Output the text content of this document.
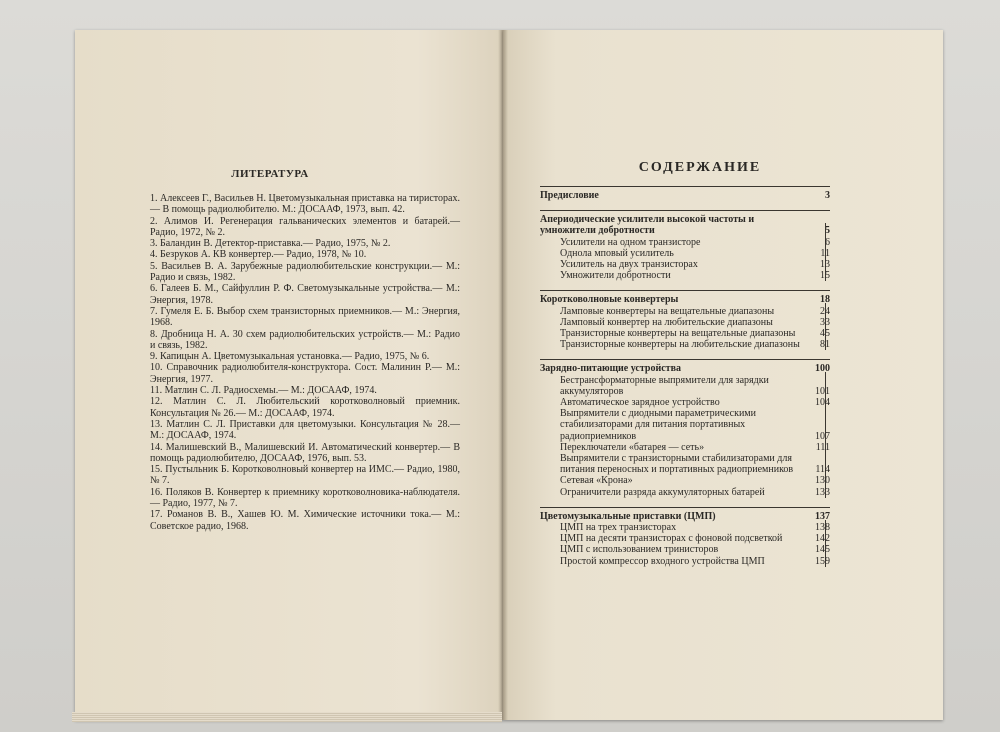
ЛИТЕРАТУРА
1. Алексеев Г., Васильев Н. Цветомузыкальная приставка на тиристорах.— В помощь радиолюбителю. М.: ДОСААФ, 1973, вып. 42.
2. Алимов И. Регенерация гальванических элементов и батарей.— Радио, 1972, № 2.
3. Баландин В. Детектор-приставка.— Радио, 1975, № 2.
4. Безруков А. КВ конвертер.— Радио, 1978, № 10.
5. Васильев В. А. Зарубежные радиолюбительские конструкции.— М.: Радио и связь, 1982.
6. Галеев Б. М., Сайфуллин Р. Ф. Светомузыкальные устройства.— М.: Энергия, 1978.
7. Гумеля Е. Б. Выбор схем транзисторных приемников.— М.: Энергия, 1968.
8. Дробница Н. А. 30 схем радиолюбительских устройств.— М.: Радио и связь, 1982.
9. Капицын А. Цветомузыкальная установка.— Радио, 1975, № 6.
10. Справочник радиолюбителя-конструктора. Сост. Малинин Р.— М.: Энергия, 1977.
11. Матлин С. Л. Радиосхемы.— М.: ДОСААФ, 1974.
12. Матлин С. Л. Любительский коротковолновый приемник. Консультация № 26.— М.: ДОСААФ, 1974.
13. Матлин С. Л. Приставки для цветомузыки. Консультация № 28.— М.: ДОСААФ, 1974.
14. Малишевский В., Малишевский И. Автоматический конвертер.— В помощь радиолюбителю, ДОСААФ, 1976, вып. 53.
15. Пустыльник Б. Коротковолновый конвертер на ИМС.— Радио, 1980, № 7.
16. Поляков В. Конвертер к приемнику коротковолновика-наблюдателя.— Радио, 1977, № 7.
17. Романов В. В., Хашев Ю. М. Химические источники тока.— М.: Советское радио, 1968.
СОДЕРЖАНИЕ
Предисловие	3
Апериодические усилители высокой частоты и умножители добротности	5
Усилители на одном транзисторе	6
Однола мповый усилитель	11
Усилитель на двух транзисторах	13
Умножители добротности	15
Коротковолновые конвертеры	18
Ламповые конвертеры на вещательные диапазоны	24
Ламповый конвертер на любительские диапазоны	33
Транзисторные конвертеры на вещательные диапазоны 45
Транзисторные конвертеры на любительские диапазоны 81
Зарядно-питающие устройства	100
Бестрансформаторные выпрямители для зарядки аккумуляторов	101
Автоматическое зарядное устройство	104
Выпрямители с диодными параметрическими стабилизаторами для питания портативных радиоприемников	107
Переключатели «батарея — сеть»	111
Выпрямители с транзисторными стабилизаторами для питания переносных и портативных радиоприемников 114
Сетевая «Крона»	130
Ограничители разряда аккумуляторных батарей	133
Цветомузыкальные приставки (ЦМП)	137
ЦМП на трех транзисторах	138
ЦМП на десяти транзисторах с фоновой подсветкой	142
ЦМП с использованием тринисторов	145
Простой компрессор входного устройства ЦМП	159
